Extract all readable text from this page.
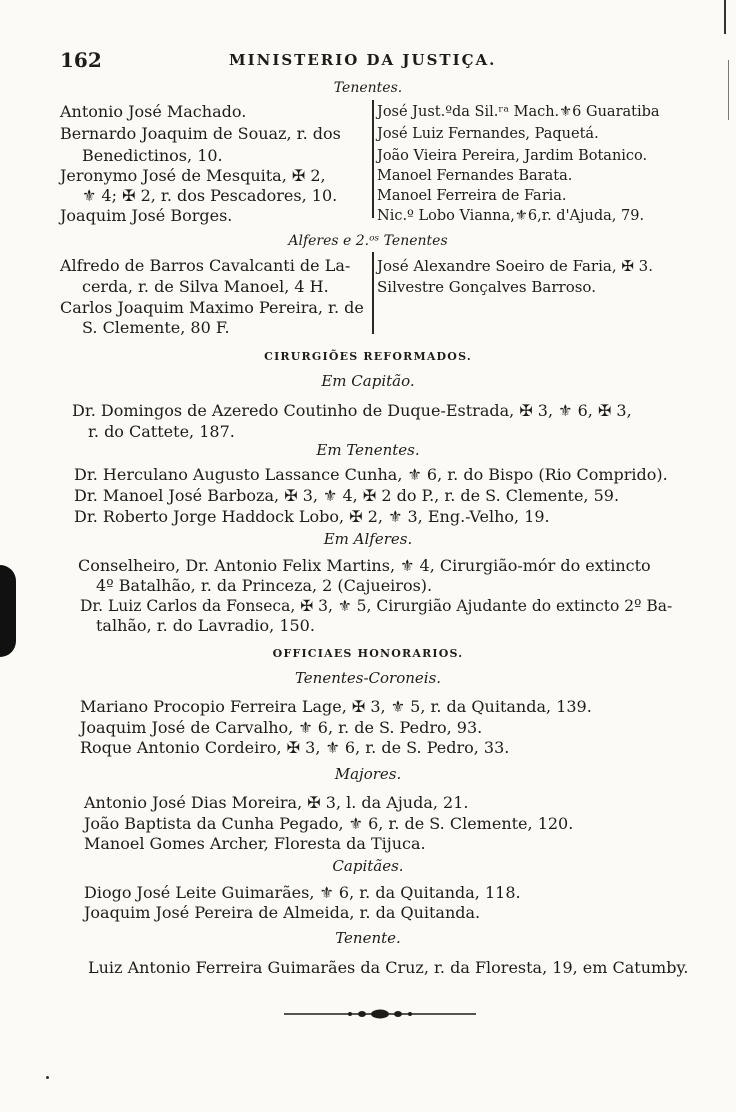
162	MINISTERIO DA JUSTIÇA.
Tenentes.
Antonio José Machado.
Bernardo Joaquim de Souaz, r. dos
Benedictinos, 10.
Jeronymo José de Mesquita, ✠ 2,
⚜ 4; ✠ 2, r. dos Pescadores, 10.
Joaquim José Borges.
José Just.ºda Sil.ʳᵃ Mach.⚜6 Guaratiba
José Luiz Fernandes, Paquetá.
João Vieira Pereira, Jardim Botanico.
Manoel Fernandes Barata.
Manoel Ferreira de Faria.
Nic.º Lobo Vianna,⚜6,r. d'Ajuda, 79.
Alferes e 2.ᵒˢ Tenentes
Alfredo de Barros Cavalcanti de La-
cerda, r. de Silva Manoel, 4 H.
Carlos Joaquim Maximo Pereira, r. de
S. Clemente, 80 F.
José Alexandre Soeiro de Faria, ✠ 3.
Silvestre Gonçalves Barroso.
CIRURGIÕES REFORMADOS.
Em Capitão.
Dr. Domingos de Azeredo Coutinho de Duque-Estrada, ✠ 3, ⚜ 6, ✠ 3,
r. do Cattete, 187.
Em Tenentes.
Dr. Herculano Augusto Lassance Cunha, ⚜ 6, r. do Bispo (Rio Comprido).
Dr. Manoel José Barboza, ✠ 3, ⚜ 4, ✠ 2 do P., r. de S. Clemente, 59.
Dr. Roberto Jorge Haddock Lobo, ✠ 2, ⚜ 3, Eng.-Velho, 19.
Em Alferes.
Conselheiro, Dr. Antonio Felix Martins, ⚜ 4, Cirurgião-mór do extincto
4º Batalhão, r. da Princeza, 2 (Cajueiros).
Dr. Luiz Carlos da Fonseca, ✠ 3, ⚜ 5, Cirurgião Ajudante do extincto 2º Ba-
talhão, r. do Lavradio, 150.
OFFICIAES HONORARIOS.
Tenentes-Coroneis.
Mariano Procopio Ferreira Lage, ✠ 3, ⚜ 5, r. da Quitanda, 139.
Joaquim José de Carvalho, ⚜ 6, r. de S. Pedro, 93.
Roque Antonio Cordeiro, ✠ 3, ⚜ 6, r. de S. Pedro, 33.
Majores.
Antonio José Dias Moreira, ✠ 3, l. da Ajuda, 21.
João Baptista da Cunha Pegado, ⚜ 6, r. de S. Clemente, 120.
Manoel Gomes Archer, Floresta da Tijuca.
Capitães.
Diogo José Leite Guimarães, ⚜ 6, r. da Quitanda, 118.
Joaquim José Pereira de Almeida, r. da Quitanda.
Tenente.
Luiz Antonio Ferreira Guimarães da Cruz, r. da Floresta, 19, em Catumby.
